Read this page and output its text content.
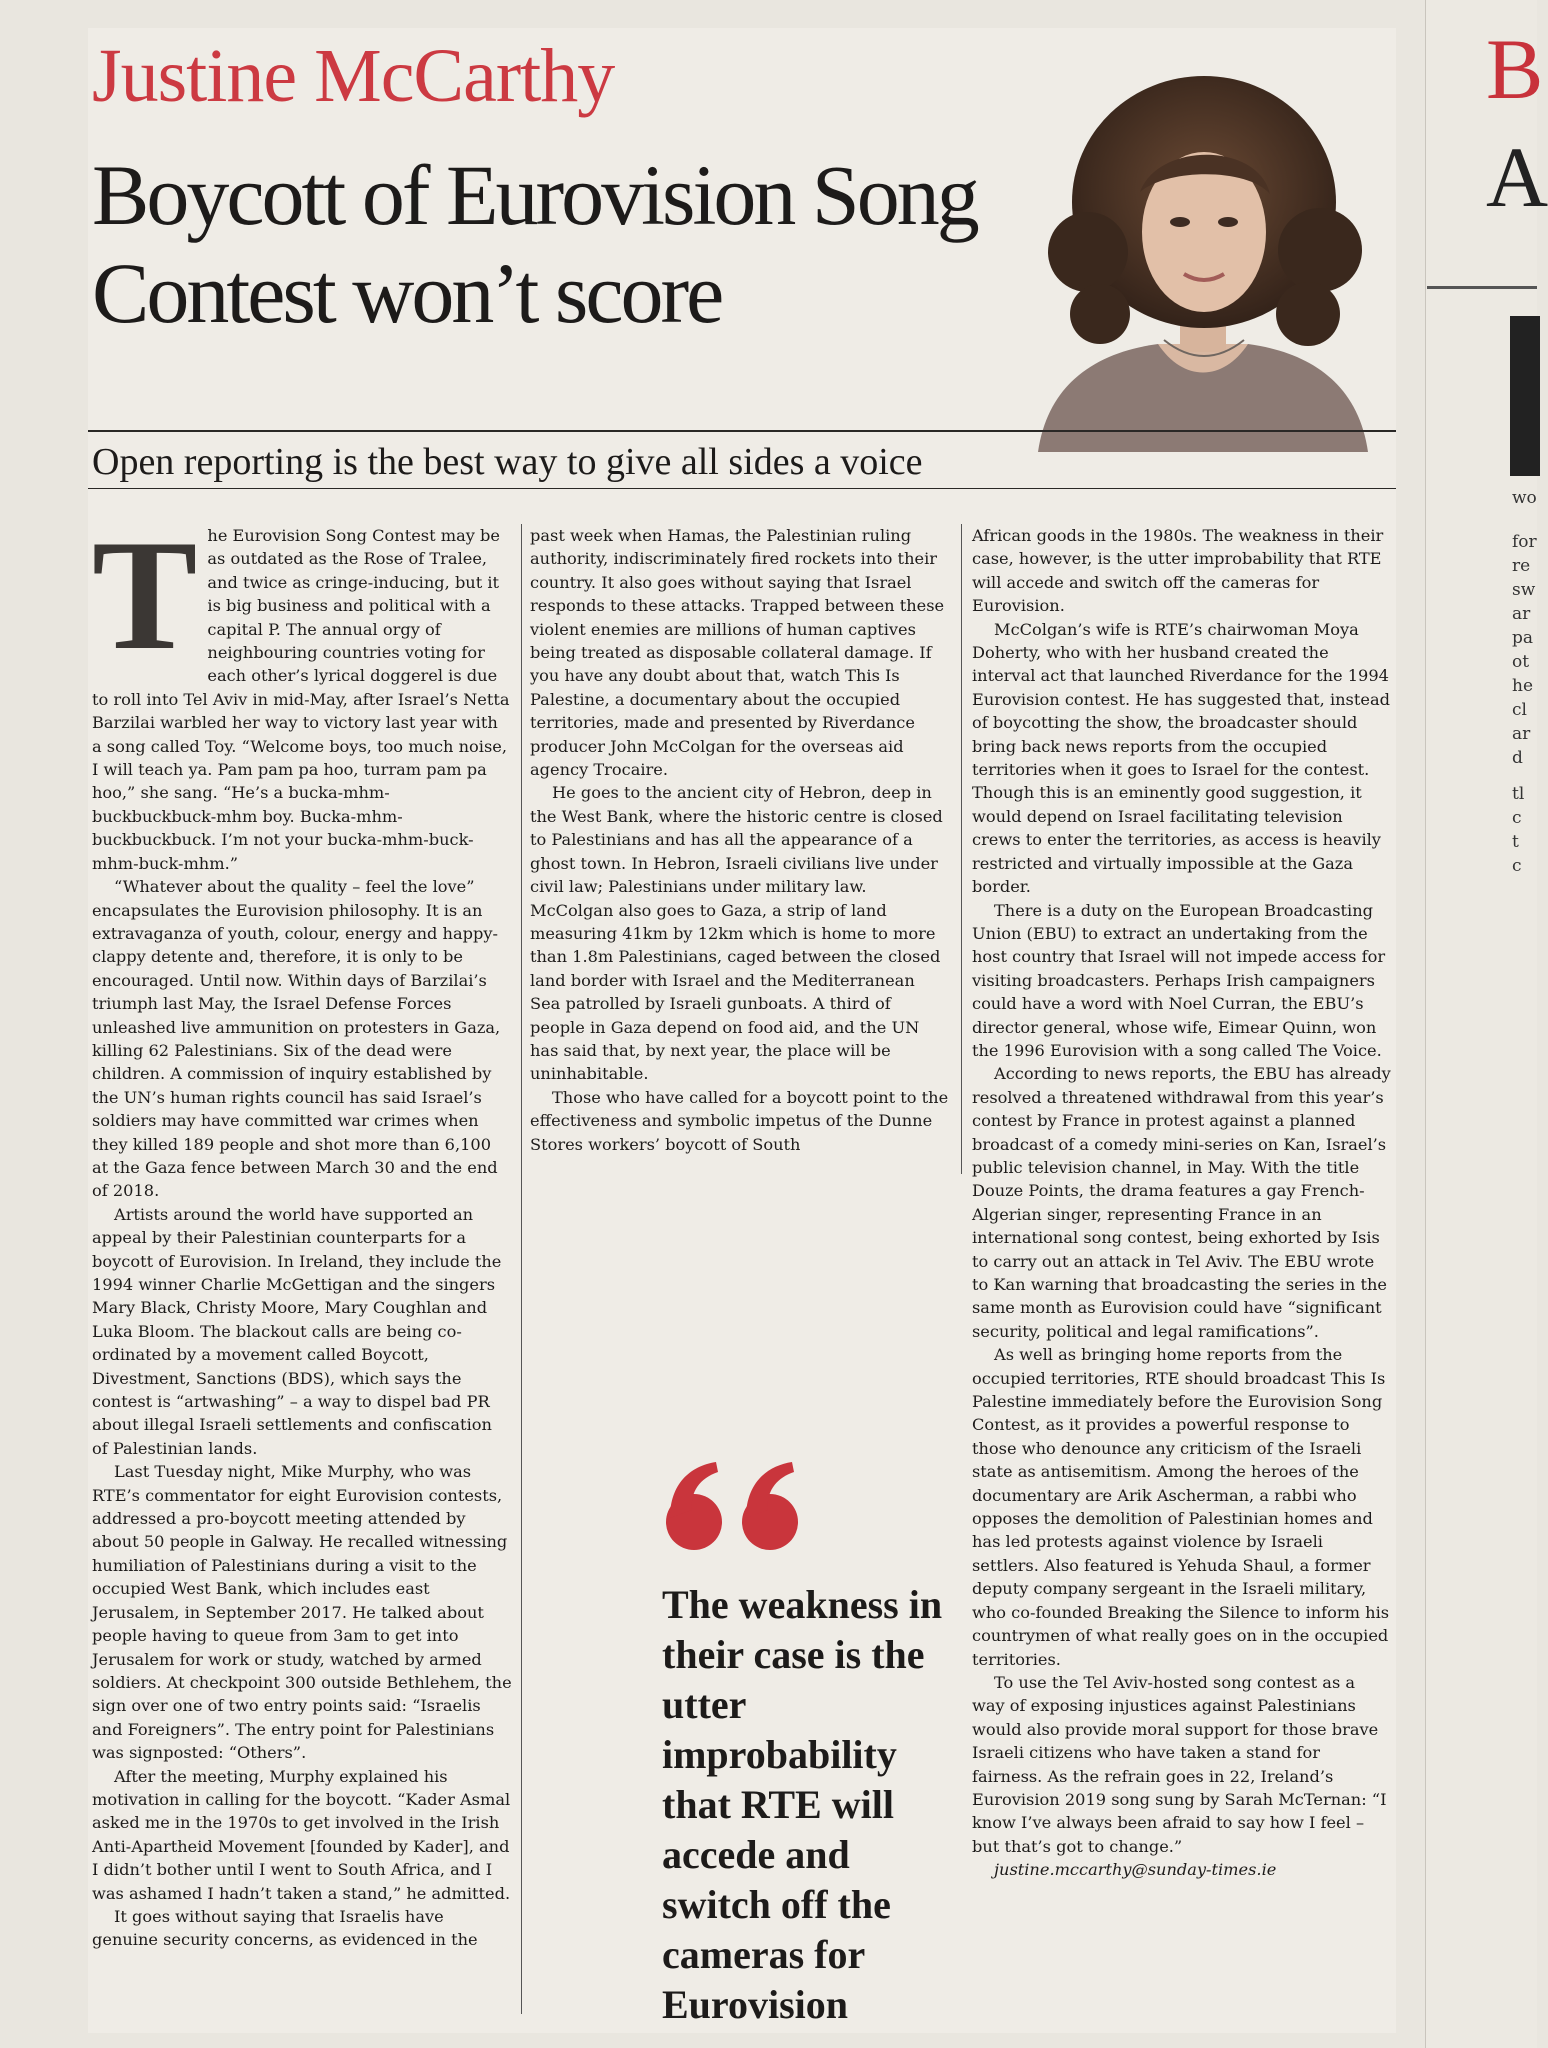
B
A
wo
for
re
sw
ar
pa
ot
he
cl
ar
d
tl
c
t
c
Justine McCarthy
Boycott of Eurovision Song Contest won’t score
Open reporting is the best way to give all sides a voice
T he Eurovision Song Contest may be as outdated as the Rose of Tralee, and twice as cringe-inducing, but it is big business and political with a capital P. The annual orgy of neighbouring countries voting for each other’s lyrical doggerel is due to roll into Tel Aviv in mid-May, after Israel’s Netta Barzilai warbled her way to victory last year with a song called Toy. “Welcome boys, too much noise, I will teach ya. Pam pam pa hoo, turram pam pa hoo,” she sang. “He’s a bucka-mhm-buckbuckbuck-mhm boy. Bucka-mhm-buckbuckbuck. I’m not your bucka-mhm-buck-mhm-buck-mhm.”

“Whatever about the quality – feel the love” encapsulates the Eurovision philosophy. It is an extravaganza of youth, colour, energy and happy-clappy detente and, therefore, it is only to be encouraged. Until now. Within days of Barzilai’s triumph last May, the Israel Defense Forces unleashed live ammunition on protesters in Gaza, killing 62 Palestinians. Six of the dead were children. A commission of inquiry established by the UN’s human rights council has said Israel’s soldiers may have committed war crimes when they killed 189 people and shot more than 6,100 at the Gaza fence between March 30 and the end of 2018.

Artists around the world have supported an appeal by their Palestinian counterparts for a boycott of Eurovision. In Ireland, they include the 1994 winner Charlie McGettigan and the singers Mary Black, Christy Moore, Mary Coughlan and Luka Bloom. The blackout calls are being co-ordinated by a movement called Boycott, Divestment, Sanctions (BDS), which says the contest is “artwashing” – a way to dispel bad PR about illegal Israeli settlements and confiscation of Palestinian lands.

Last Tuesday night, Mike Murphy, who was RTE’s commentator for eight Eurovision contests, addressed a pro-boycott meeting attended by about 50 people in Galway. He recalled witnessing humiliation of Palestinians during a visit to the occupied West Bank, which includes east Jerusalem, in September 2017. He talked about people having to queue from 3am to get into Jerusalem for work or study, watched by armed soldiers. At checkpoint 300 outside Bethlehem, the sign over one of two entry points said: “Israelis and Foreigners”. The entry point for Palestinians was signposted: “Others”.

After the meeting, Murphy explained his motivation in calling for the boycott. “Kader Asmal asked me in the 1970s to get involved in the Irish Anti-Apartheid Movement [founded by Kader], and I didn’t bother until I went to South Africa, and I was ashamed I hadn’t taken a stand,” he admitted.

It goes without saying that Israelis have genuine security concerns, as evidenced in the

past week when Hamas, the Palestinian ruling authority, indiscriminately fired rockets into their country. It also goes without saying that Israel responds to these attacks. Trapped between these violent enemies are millions of human captives being treated as disposable collateral damage. If you have any doubt about that, watch This Is Palestine, a documentary about the occupied territories, made and presented by Riverdance producer John McColgan for the overseas aid agency Trocaire.

He goes to the ancient city of Hebron, deep in the West Bank, where the historic centre is closed to Palestinians and has all the appearance of a ghost town. In Hebron, Israeli civilians live under civil law; Palestinians under military law. McColgan also goes to Gaza, a strip of land measuring 41km by 12km which is home to more than 1.8m Palestinians, caged between the closed land border with Israel and the Mediterranean Sea patrolled by Israeli gunboats. A third of people in Gaza depend on food aid, and the UN has said that, by next year, the place will be uninhabitable.

Those who have called for a boycott point to the effectiveness and symbolic impetus of the Dunne Stores workers’ boycott of South

The weakness in their case is the utter improbability that RTE will accede and switch off the cameras for Eurovision

African goods in the 1980s. The weakness in their case, however, is the utter improbability that RTE will accede and switch off the cameras for Eurovision.

McColgan’s wife is RTE’s chairwoman Moya Doherty, who with her husband created the interval act that launched Riverdance for the 1994 Eurovision contest. He has suggested that, instead of boycotting the show, the broadcaster should bring back news reports from the occupied territories when it goes to Israel for the contest. Though this is an eminently good suggestion, it would depend on Israel facilitating television crews to enter the territories, as access is heavily restricted and virtually impossible at the Gaza border.

There is a duty on the European Broadcasting Union (EBU) to extract an undertaking from the host country that Israel will not impede access for visiting broadcasters. Perhaps Irish campaigners could have a word with Noel Curran, the EBU’s director general, whose wife, Eimear Quinn, won the 1996 Eurovision with a song called The Voice.

According to news reports, the EBU has already resolved a threatened withdrawal from this year’s contest by France in protest against a planned broadcast of a comedy mini-series on Kan, Israel’s public television channel, in May. With the title Douze Points, the drama features a gay French-Algerian singer, representing France in an international song contest, being exhorted by Isis to carry out an attack in Tel Aviv. The EBU wrote to Kan warning that broadcasting the series in the same month as Eurovision could have “significant security, political and legal ramifications”.

As well as bringing home reports from the occupied territories, RTE should broadcast This Is Palestine immediately before the Eurovision Song Contest, as it provides a powerful response to those who denounce any criticism of the Israeli state as antisemitism. Among the heroes of the documentary are Arik Ascherman, a rabbi who opposes the demolition of Palestinian homes and has led protests against violence by Israeli settlers. Also featured is Yehuda Shaul, a former deputy company sergeant in the Israeli military, who co-founded Breaking the Silence to inform his countrymen of what really goes on in the occupied territories.

To use the Tel Aviv-hosted song contest as a way of exposing injustices against Palestinians would also provide moral support for those brave Israeli citizens who have taken a stand for fairness. As the refrain goes in 22, Ireland’s Eurovision 2019 song sung by Sarah McTernan: “I know I’ve always been afraid to say how I feel – but that’s got to change.”

justine.mccarthy@sunday-times.ie
